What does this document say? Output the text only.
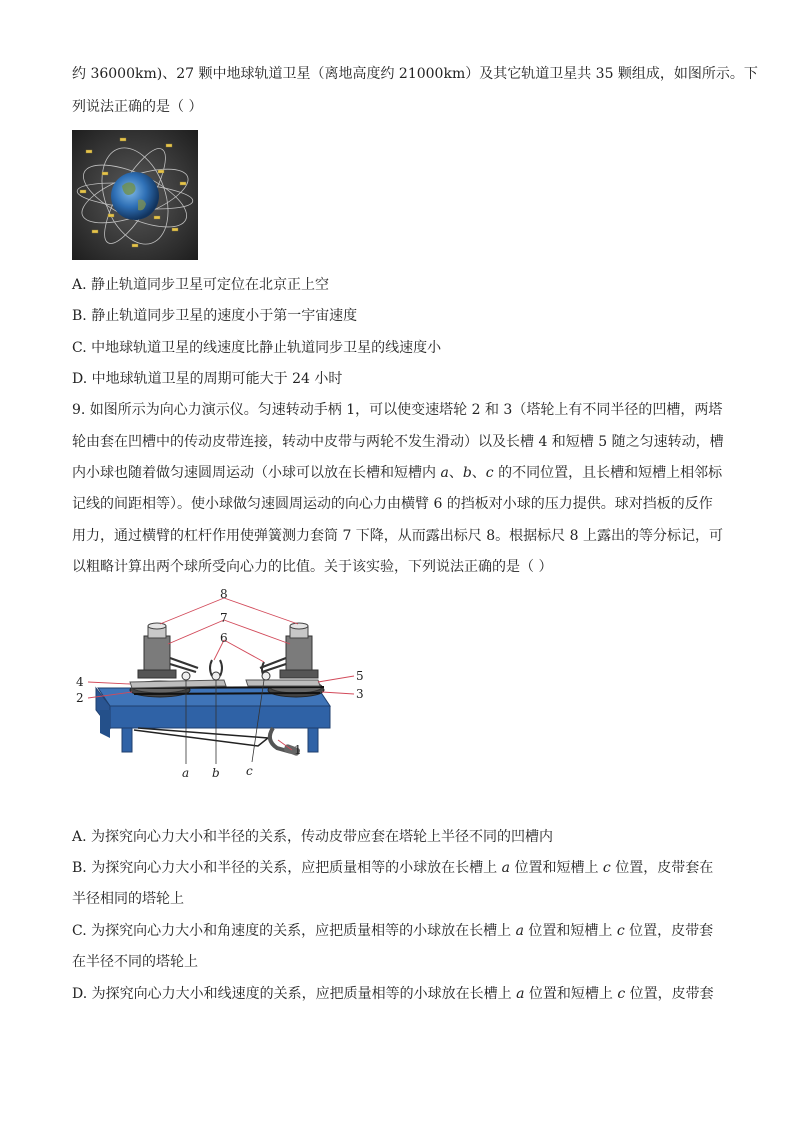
约 36000km)、27 颗中地球轨道卫星（离地高度约 21000km）及其它轨道卫星共 35 颗组成，如图所示。下
列说法正确的是（ ）
A. 静止轨道同步卫星可定位在北京正上空
B. 静止轨道同步卫星的速度小于第一宇宙速度
C. 中地球轨道卫星的线速度比静止轨道同步卫星的线速度小
D. 中地球轨道卫星的周期可能大于 24 小时
9. 如图所示为向心力演示仪。匀速转动手柄 1，可以使变速塔轮 2 和 3（塔轮上有不同半径的凹槽，两塔
轮由套在凹槽中的传动皮带连接，转动中皮带与两轮不发生滑动）以及长槽 4 和短槽 5 随之匀速转动，槽
内小球也随着做匀速圆周运动（小球可以放在长槽和短槽内 a、b、c 的不同位置，且长槽和短槽上相邻标
记线的间距相等）。使小球做匀速圆周运动的向心力由横臂 6 的挡板对小球的压力提供。球对挡板的反作
用力，通过横臂的杠杆作用使弹簧测力套筒 7 下降，从而露出标尺 8。根据标尺 8 上露出的等分标记，可
以粗略计算出两个球所受向心力的比值。关于该实验，下列说法正确的是（ ）
8
7
6
5
4
3
2
1
a b c
A. 为探究向心力大小和半径的关系，传动皮带应套在塔轮上半径不同的凹槽内
B. 为探究向心力大小和半径的关系，应把质量相等的小球放在长槽上 a 位置和短槽上 c 位置，皮带套在
半径相同的塔轮上
C. 为探究向心力大小和角速度的关系，应把质量相等的小球放在长槽上 a 位置和短槽上 c 位置，皮带套
在半径不同的塔轮上
D. 为探究向心力大小和线速度的关系，应把质量相等的小球放在长槽上 a 位置和短槽上 c 位置，皮带套
